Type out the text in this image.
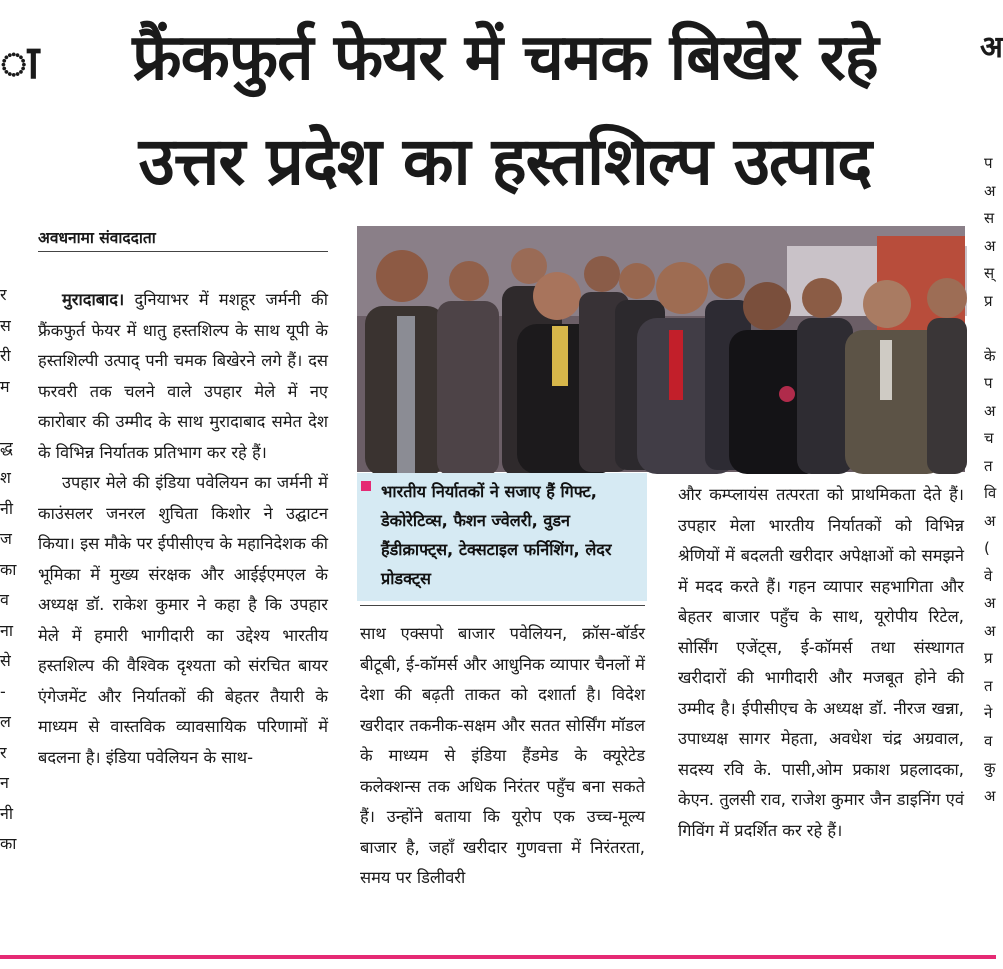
फ्रैंकफुर्त फेयर में चमक बिखेर रहे
उत्तर प्रदेश का हस्तशिल्प उत्पाद
ा
र
स
री
म

द्ध
श
नी
ज
का
व
ना
से
-
ल
र
न
नी
का
अ
प
अ
स
अ
स्
प्र

के
प
अ
च
त
वि
अ
(
वे
अ
अ
प्र
त
ने
व
कु
अ
अवधनामा संवाददाता

मुरादाबाद। दुनियाभर में मशहूर जर्मनी की फ्रैंकफुर्त फेयर में धातु हस्तशिल्प के साथ यूपी के हस्तशिल्पी उत्पाद्‌ पनी चमक बिखेरने लगे हैं। दस फरवरी तक चलने वाले उपहार मेले में नए कारोबार की उम्मीद के साथ मुरादाबाद समेत देश के विभिन्न निर्यातक प्रतिभाग कर रहे हैं।

उपहार मेले की इंडिया पवेलियन का जर्मनी में काउंसलर जनरल शुचिता किशोर ने उद्घाटन किया। इस मौके पर ईपीसीएच के महानिदेशक की भूमिका में मुख्य संरक्षक और आईईएमएल के अध्यक्ष डॉ. राकेश कुमार ने कहा है कि उपहार मेले में हमारी भागीदारी का उद्देश्य भारतीय हस्तशिल्प की वैश्विक दृश्यता को संरचित बायर एंगेजमेंट और निर्यातकों की बेहतर तैयारी के माध्यम से वास्तविक व्यावसायिक परिणामों में बदलना है। इंडिया पवेलियन के साथ-

भारतीय निर्यातकों ने सजाए हैं गिफ्ट, डेकोरेटिव्स, फैशन ज्वेलरी, वुडन हैंडीक्राफ्ट्स, टेक्सटाइल फर्निशिंग, लेदर प्रोडक्ट्स

साथ एक्सपो बाजार पवेलियन, क्रॉस-बॉर्डर बीटूबी, ई-कॉमर्स और आधुनिक व्यापार चैनलों में देशा की बढ़ती ताकत को दशार्ता है। विदेश खरीदार तकनीक-सक्षम और सतत सोर्सिंग मॉडल के माध्यम से इंडिया हैंडमेड के क्यूरेटेड कलेक्शन्स तक अधिक निरंतर पहुँच बना सकते हैं। उन्होंने बताया कि यूरोप एक उच्च-मूल्य बाजार है, जहाँ खरीदार गुणवत्ता में निरंतरता, समय पर डिलीवरी

और कम्प्लायंस तत्परता को प्राथमिकता देते हैं। उपहार मेला भारतीय निर्यातकों को विभिन्न श्रेणियों में बदलती खरीदार अपेक्षाओं को समझने में मदद करते हैं। गहन व्यापार सहभागिता और बेहतर बाजार पहुँच के साथ, यूरोपीय रिटेल, सोर्सिंग एजेंट्स, ई-कॉमर्स तथा संस्थागत खरीदारों की भागीदारी और मजबूत होने की उम्मीद है। ईपीसीएच के अध्यक्ष डॉ. नीरज खन्ना, उपाध्यक्ष सागर मेहता, अवधेश चंद्र अग्रवाल, सदस्य रवि के. पासी,ओम प्रकाश प्रहलादका, केएन. तुलसी राव, राजेश कुमार जैन डाइनिंग एवं गिविंग में प्रदर्शित कर रहे हैं।
